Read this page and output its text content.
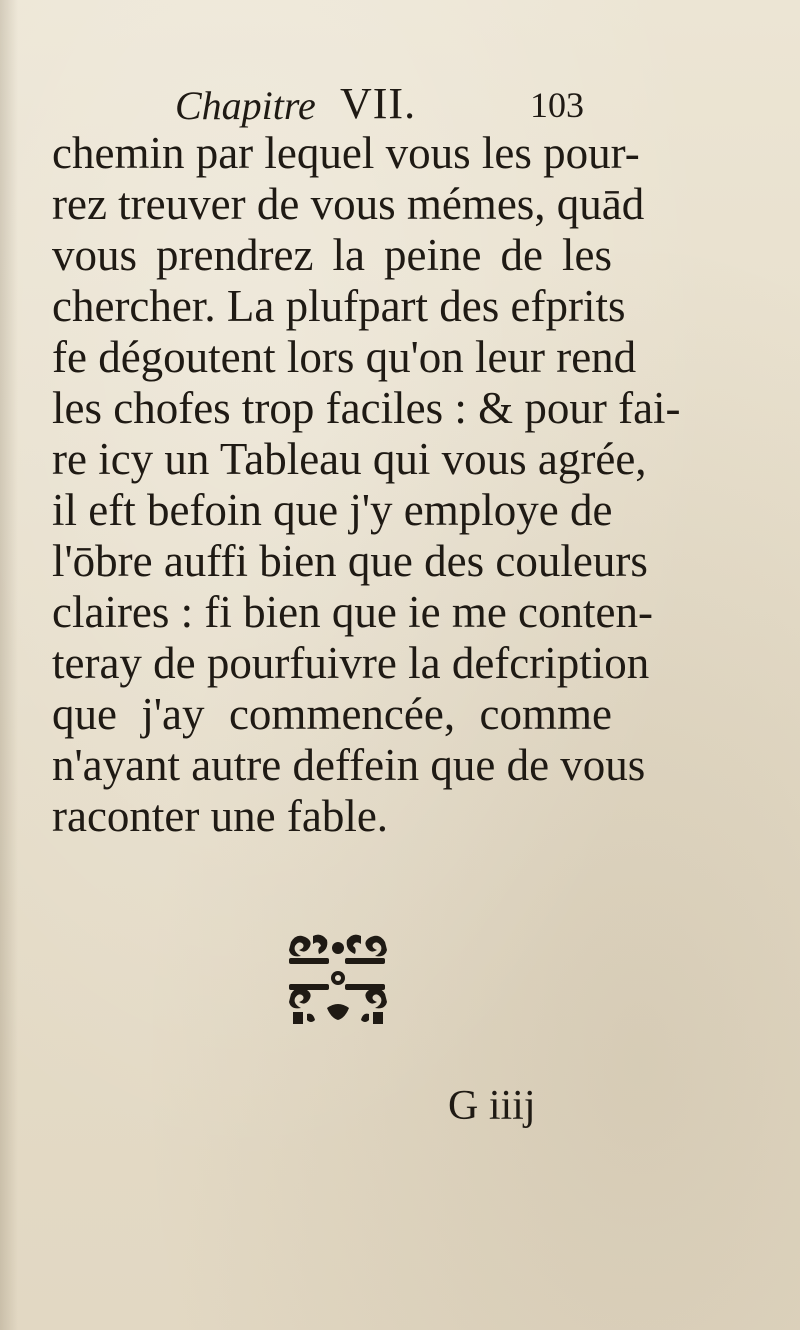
Chapitre VII.	103
chemin par lequel vous les pour-
rez treuver de vous mémes, quād
vous prendrez la peine de les
chercher. La plufpart des efprits
fe dégoutent lors qu'on leur rend
les chofes trop faciles : & pour fai-
re icy un Tableau qui vous agrée,
il eft befoin que j'y employe de
l'ōbre auffi bien que des couleurs
claires : fi bien que ie me conten-
teray de pourfuivre la defcription
que j'ay commencée, comme
n'ayant autre deffein que de vous
raconter une fable.
G iiij
